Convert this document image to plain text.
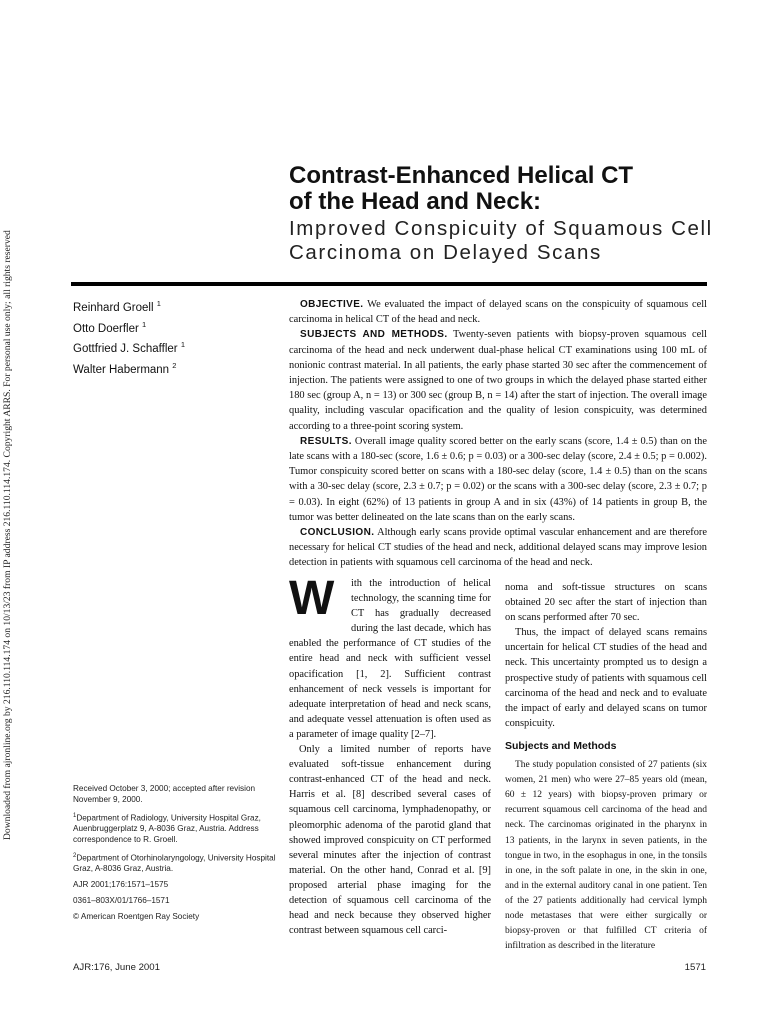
Downloaded from ajronline.org by 216.110.114.174 on 10/13/23 from IP address 216.110.114.174. Copyright ARRS. For personal use only; all rights reserved
Contrast-Enhanced Helical CT
of the Head and Neck:
Improved Conspicuity of Squamous Cell
Carcinoma on Delayed Scans
Reinhard Groell $^1$
Otto Doerfler $^1$
Gottfried J. Schaffler $^1$
Walter Habermann $^2$

OBJECTIVE. We evaluated the impact of delayed scans on the conspicuity of squamous cell carcinoma in helical CT of the head and neck.

SUBJECTS AND METHODS. Twenty-seven patients with biopsy-proven squamous cell carcinoma of the head and neck underwent dual-phase helical CT examinations using 100 mL of nonionic contrast material. In all patients, the early phase started 30 sec after the commencement of injection. The patients were assigned to one of two groups in which the delayed phase started either 180 sec (group A, n = 13) or 300 sec (group B, n = 14) after the start of injection. The overall image quality, including vascular opacification and the quality of lesion conspicuity, was determined according to a three-point scoring system.

RESULTS. Overall image quality scored better on the early scans (score, 1.4 ± 0.5) than on the late scans with a 180-sec (score, 1.6 ± 0.6; p = 0.03) or a 300-sec delay (score, 2.4 ± 0.5; p = 0.002). Tumor conspicuity scored better on scans with a 180-sec delay (score, 1.4 ± 0.5) than on the scans with a 30-sec delay (score, 2.3 ± 0.7; p = 0.02) or the scans with a 300-sec delay (score, 2.3 ± 0.7; p = 0.03). In eight (62%) of 13 patients in group A and in six (43%) of 14 patients in group B, the tumor was better delineated on the late scans than on the early scans.

CONCLUSION. Although early scans provide optimal vascular enhancement and are therefore necessary for helical CT studies of the head and neck, additional delayed scans may improve lesion detection in patients with squamous cell carcinoma of the head and neck.

Received October 3, 2000; accepted after revision November 9, 2000.

$^1$Department of Radiology, University Hospital Graz, Auenbruggerplatz 9, A-8036 Graz, Austria. Address correspondence to R. Groell.

$^2$Department of Otorhinolaryngology, University Hospital Graz, A-8036 Graz, Austria.

AJR 2001;176:1571–1575

0361–803X/01/1766–1571

© American Roentgen Ray Society

W	ith the introduction of helical technology, the scanning time for CT has gradually decreased during the last decade, which has enabled the performance of CT studies of the entire head and neck with sufficient vessel opacification [1, 2]. Sufficient contrast enhancement of neck vessels is important for adequate interpretation of head and neck scans, and adequate vessel attenuation is often used as a parameter of image quality [2–7].

Only a limited number of reports have evaluated soft-tissue enhancement during contrast-enhanced CT of the head and neck. Harris et al. [8] described several cases of squamous cell carcinoma, lymphadenopathy, or pleomorphic adenoma of the parotid gland that showed improved conspicuity on CT performed several minutes after the injection of contrast material. On the other hand, Conrad et al. [9] proposed arterial phase imaging for the detection of squamous cell carcinoma of the head and neck because they observed higher contrast between squamous cell carci-

noma and soft-tissue structures on scans obtained 20 sec after the start of injection than on scans performed after 70 sec.

Thus, the impact of delayed scans remains uncertain for helical CT studies of the head and neck. This uncertainty prompted us to design a prospective study of patients with squamous cell carcinoma of the head and neck and to evaluate the impact of early and delayed scans on tumor conspicuity.

Subjects and Methods

The study population consisted of 27 patients (six women, 21 men) who were 27–85 years old (mean, 60 ± 12 years) with biopsy-proven primary or recurrent squamous cell carcinoma of the head and neck. The carcinomas originated in the pharynx in 13 patients, in the larynx in seven patients, in the tongue in two, in the esophagus in one, in the tonsils in one, in the soft palate in one, in the skin in one, and in the external auditory canal in one patient. Ten of the 27 patients additionally had cervical lymph node metastases that were either surgically or biopsy-proven or that fulfilled CT criteria of infiltration as described in the literature

AJR:176, June 2001	1571
